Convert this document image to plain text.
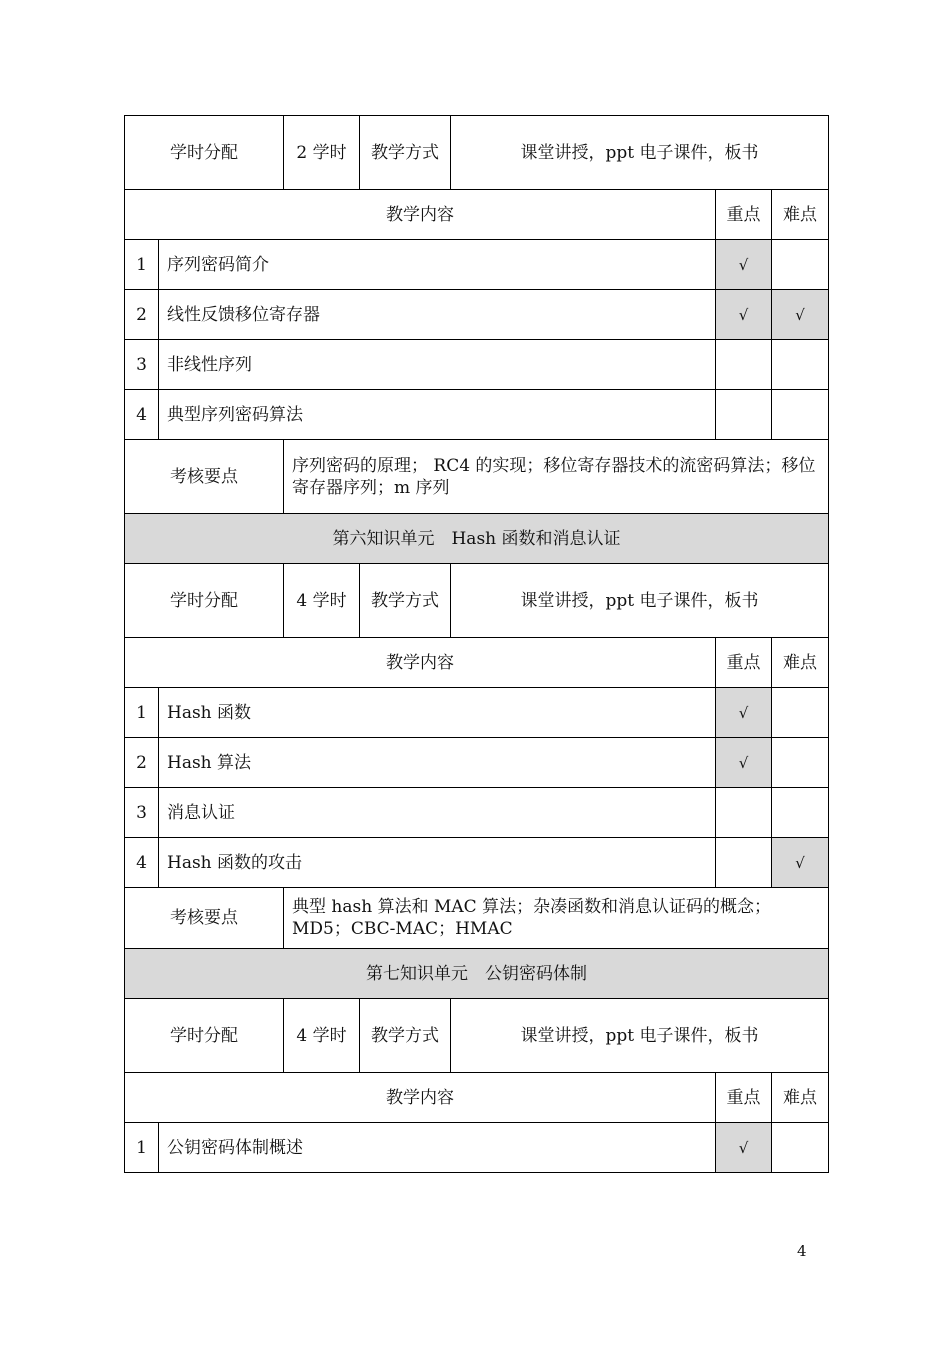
学时分配		2 学时	教学方式	课堂讲授，ppt 电子课件，板书		
教学内容					重点	难点
1	序列密码简介				√	
2	线性反馈移位寄存器				√	√
3	非线性序列					
4	典型序列密码算法					
考核要点		序列密码的原理； RC4 的实现；移位寄存器技术的流密码算法；移位寄存器序列；m 序列				
第六知识单元　Hash 函数和消息认证						
学时分配		4 学时	教学方式	课堂讲授，ppt 电子课件，板书		
教学内容					重点	难点
1	Hash 函数				√	
2	Hash 算法				√	
3	消息认证					
4	Hash 函数的攻击					√
考核要点		典型 hash 算法和 MAC 算法；杂凑函数和消息认证码的概念；MD5；CBC-MAC；HMAC				
第七知识单元　公钥密码体制						
学时分配		4 学时	教学方式	课堂讲授，ppt 电子课件，板书		
教学内容					重点	难点
1	公钥密码体制概述				√	
4
